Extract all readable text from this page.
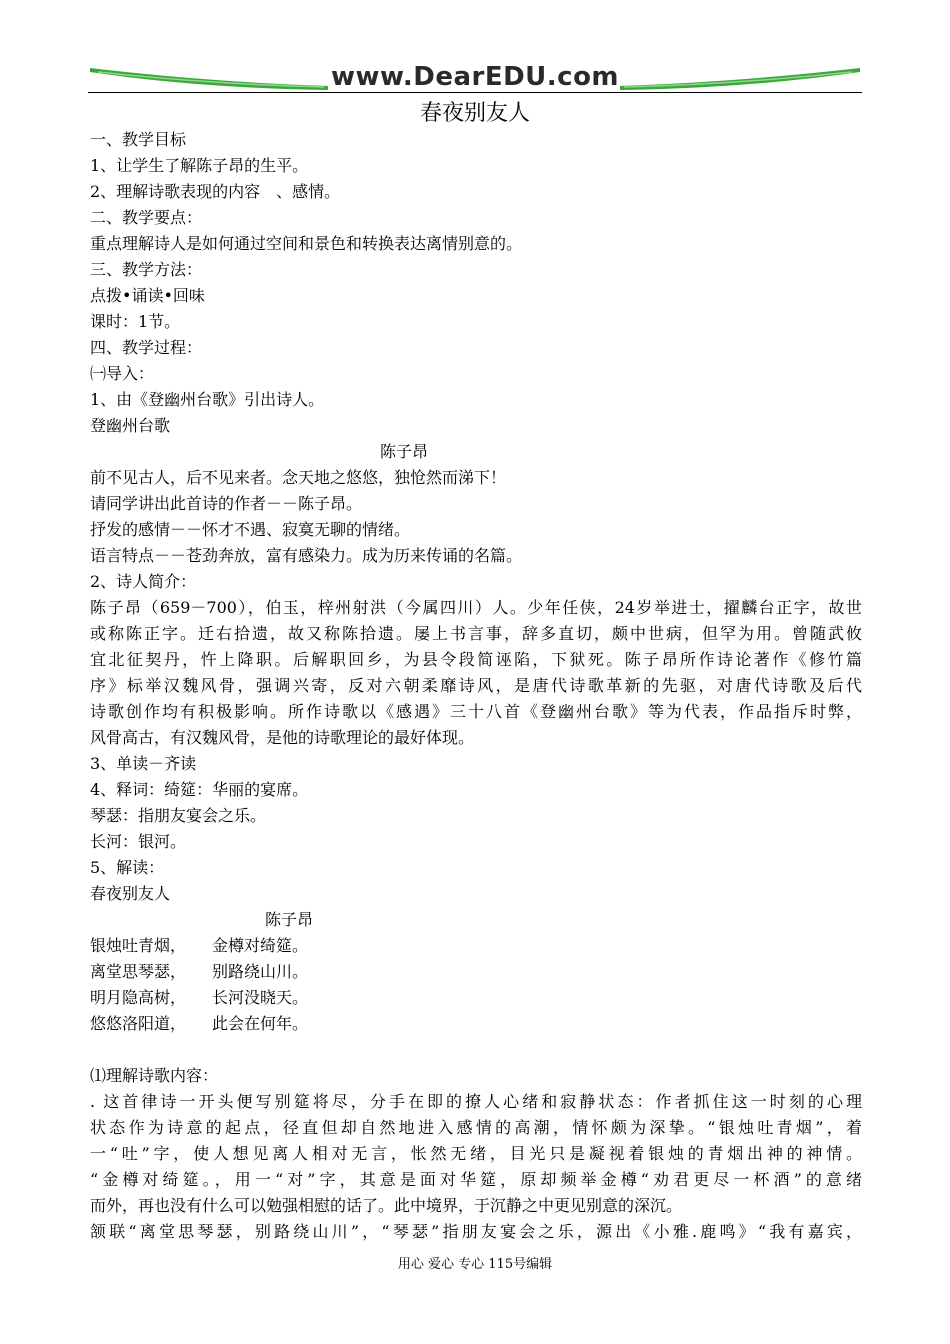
www.DearEDU.com
春夜别友人
一、教学目标
1、让学生了解陈子昂的生平。
2、理解诗歌表现的内容　、感情。
二、教学要点：
重点理解诗人是如何通过空间和景色和转换表达离情别意的。
三、教学方法：
点拨•诵读•回味
课时：1节。
四、教学过程：
㈠导入：
1、由《登幽州台歌》引出诗人。
登幽州台歌
陈子昂
前不见古人，后不见来者。念天地之悠悠，独怆然而涕下！
请同学讲出此首诗的作者－－陈子昂。
抒发的感情－－怀才不遇、寂寞无聊的情绪。
语言特点－－苍劲奔放，富有感染力。成为历来传诵的名篇。
2、诗人简介：
陈子昂（659－700），伯玉，梓州射洪（今属四川）人。少年任侠，24岁举进士，擢麟台正字，故世
或称陈正字。迁右拾遗，故又称陈拾遗。屡上书言事，辞多直切，颇中世病，但罕为用。曾随武攸
宜北征契丹，忤上降职。后解职回乡，为县令段简诬陷，下狱死。陈子昂所作诗论著作《修竹篇
序》标举汉魏风骨，强调兴寄，反对六朝柔靡诗风，是唐代诗歌革新的先驱，对唐代诗歌及后代
诗歌创作均有积极影响。所作诗歌以《感遇》三十八首《登幽州台歌》等为代表，作品指斥时弊，
风骨高古，有汉魏风骨，是他的诗歌理论的最好体现。
3、单读－齐读
4、释词：绮筵：华丽的宴席。
琴瑟：指朋友宴会之乐。
长河：银河。
5、解读：
春夜别友人
陈子昂
银烛吐青烟， 金樽对绮筵。
离堂思琴瑟， 别路绕山川。
明月隐高树， 长河没晓天。
悠悠洛阳道， 此会在何年。
⑴理解诗歌内容：
. 这首律诗一开头便写别筵将尽，分手在即的撩人心绪和寂静状态：作者抓住这一时刻的心理
状态作为诗意的起点，径直但却自然地进入感情的高潮，情怀颇为深挚。“银烛吐青烟”，着
一“吐”字，使人想见离人相对无言，怅然无绪，目光只是凝视着银烛的青烟出神的神情。
“金樽对绮筵。，用一“对”字，其意是面对华筵，原却频举金樽“劝君更尽一杯酒”的意绪
而外，再也没有什么可以勉强相慰的话了。此中境界，于沉静之中更见别意的深沉。
颔联“离堂思琴瑟，别路绕山川”，“琴瑟”指朋友宴会之乐，源出《小雅.鹿鸣》“我有嘉宾，
用心 爱心 专心 115号编辑
